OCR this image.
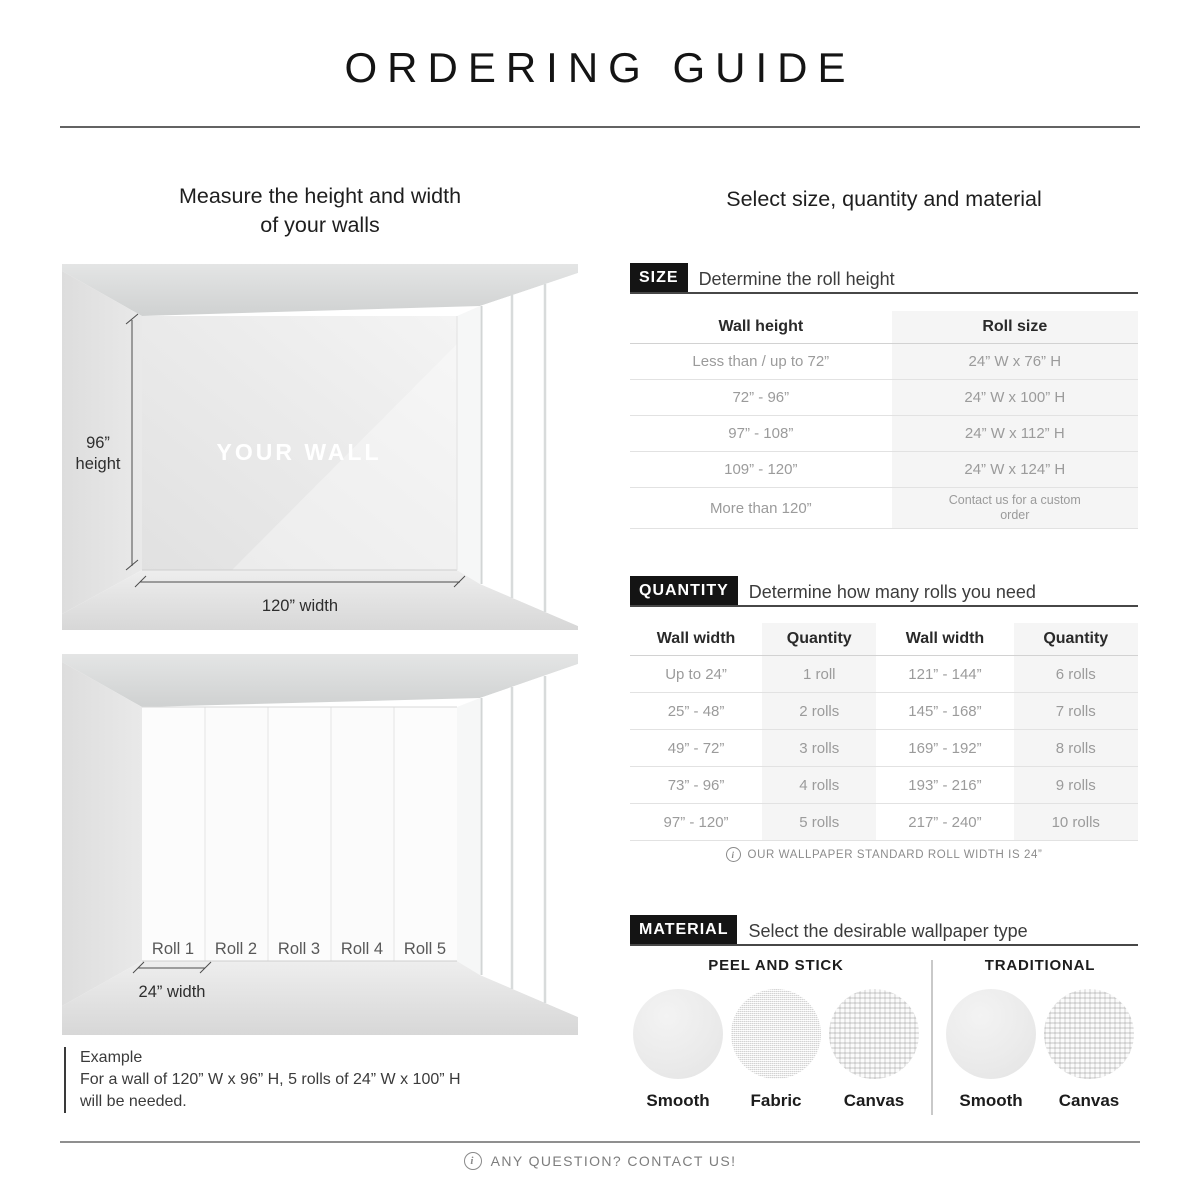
ORDERING GUIDE
Measure the height and width
of your walls
Select size, quantity and material
96”
height	YOUR WALL
120” width
Roll 1 Roll 2 Roll 3 Roll 4 Roll 5
24” width
Example
For a wall of 120” W x 96” H, 5 rolls of 24” W x 100” H
will be needed.
SIZE	Determine the roll height
Wall height	Roll size
Less than / up to 72”	24” W x 76” H
72” - 96”	24” W x 100” H
97” - 108”	24” W x 112” H
109” - 120”	24” W x 124” H
More than 120”	Contact us for a custom order
QUANTITY	Determine how many rolls you need
Wall width	Quantity	Wall width	Quantity
Up to 24”	1 roll	121” - 144”	6 rolls
25” - 48”	2 rolls	145” - 168”	7 rolls
49” - 72”	3 rolls	169” - 192”	8 rolls
73” - 96”	4 rolls	193” - 216”	9 rolls
97” - 120”	5 rolls	217” - 240”	10 rolls
i	OUR WALLPAPER STANDARD ROLL WIDTH IS 24”
MATERIAL	Select the desirable wallpaper type
PEEL AND STICK
Smooth Fabric Canvas
TRADITIONAL
Smooth Canvas
i	ANY QUESTION? CONTACT US!
